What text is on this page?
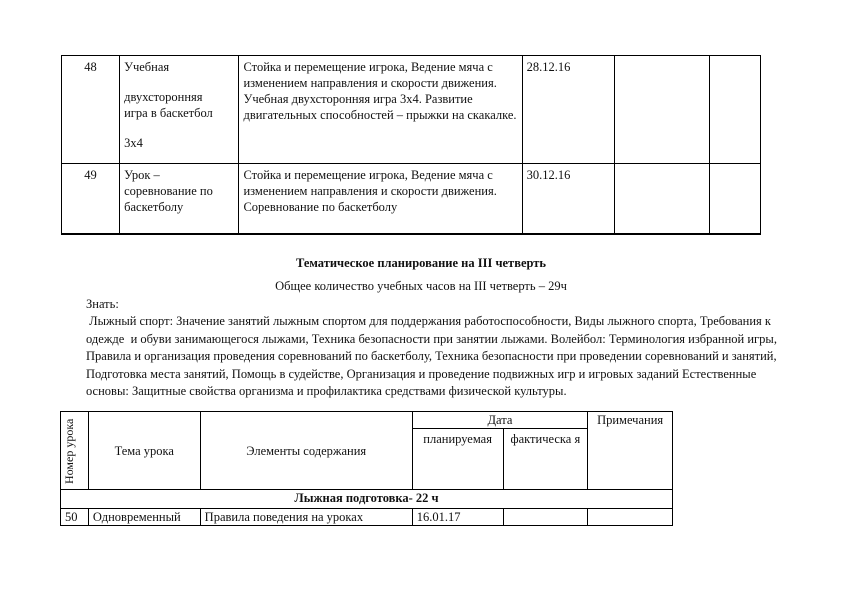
48	Учебная
двухсторонняя
игра в баскетбол
3х4	Стойка и перемещение игрока, Ведение мяча с изменением направления и скорости движения. Учебная двухсторонняя игра 3х4. Развитие двигательных способностей – прыжки на скакалке.	28.12.16		
49	Урок –
соревнование по
баскетболу	Стойка и перемещение игрока, Ведение мяча с изменением направления и скорости движения. Соревнование по баскетболу	30.12.16		
Тематическое планирование на III четверть
Общее количество учебных часов на III четверть – 29ч
Знать:
Лыжный спорт: Значение занятий лыжным спортом для поддержания работоспособности, Виды лыжного спорта, Требования к одежде  и обуви занимающегося лыжами, Техника безопасности при занятии лыжами. Волейбол: Терминология избранной игры, Правила и организация проведения соревнований по баскетболу, Техника безопасности при проведении соревнований и занятий, Подготовка места занятий, Помощь в судействе, Организация и проведение подвижных игр и игровых заданий Естественные основы: Защитные свойства организма и профилактика средствами физической культуры.
Номер урока	Тема урока	Элементы содержания	Дата		Примечания
			планируемая	фактическа я	
Лыжная подготовка- 22 ч					
50	Одновременный	Правила поведения на уроках	16.01.17		
